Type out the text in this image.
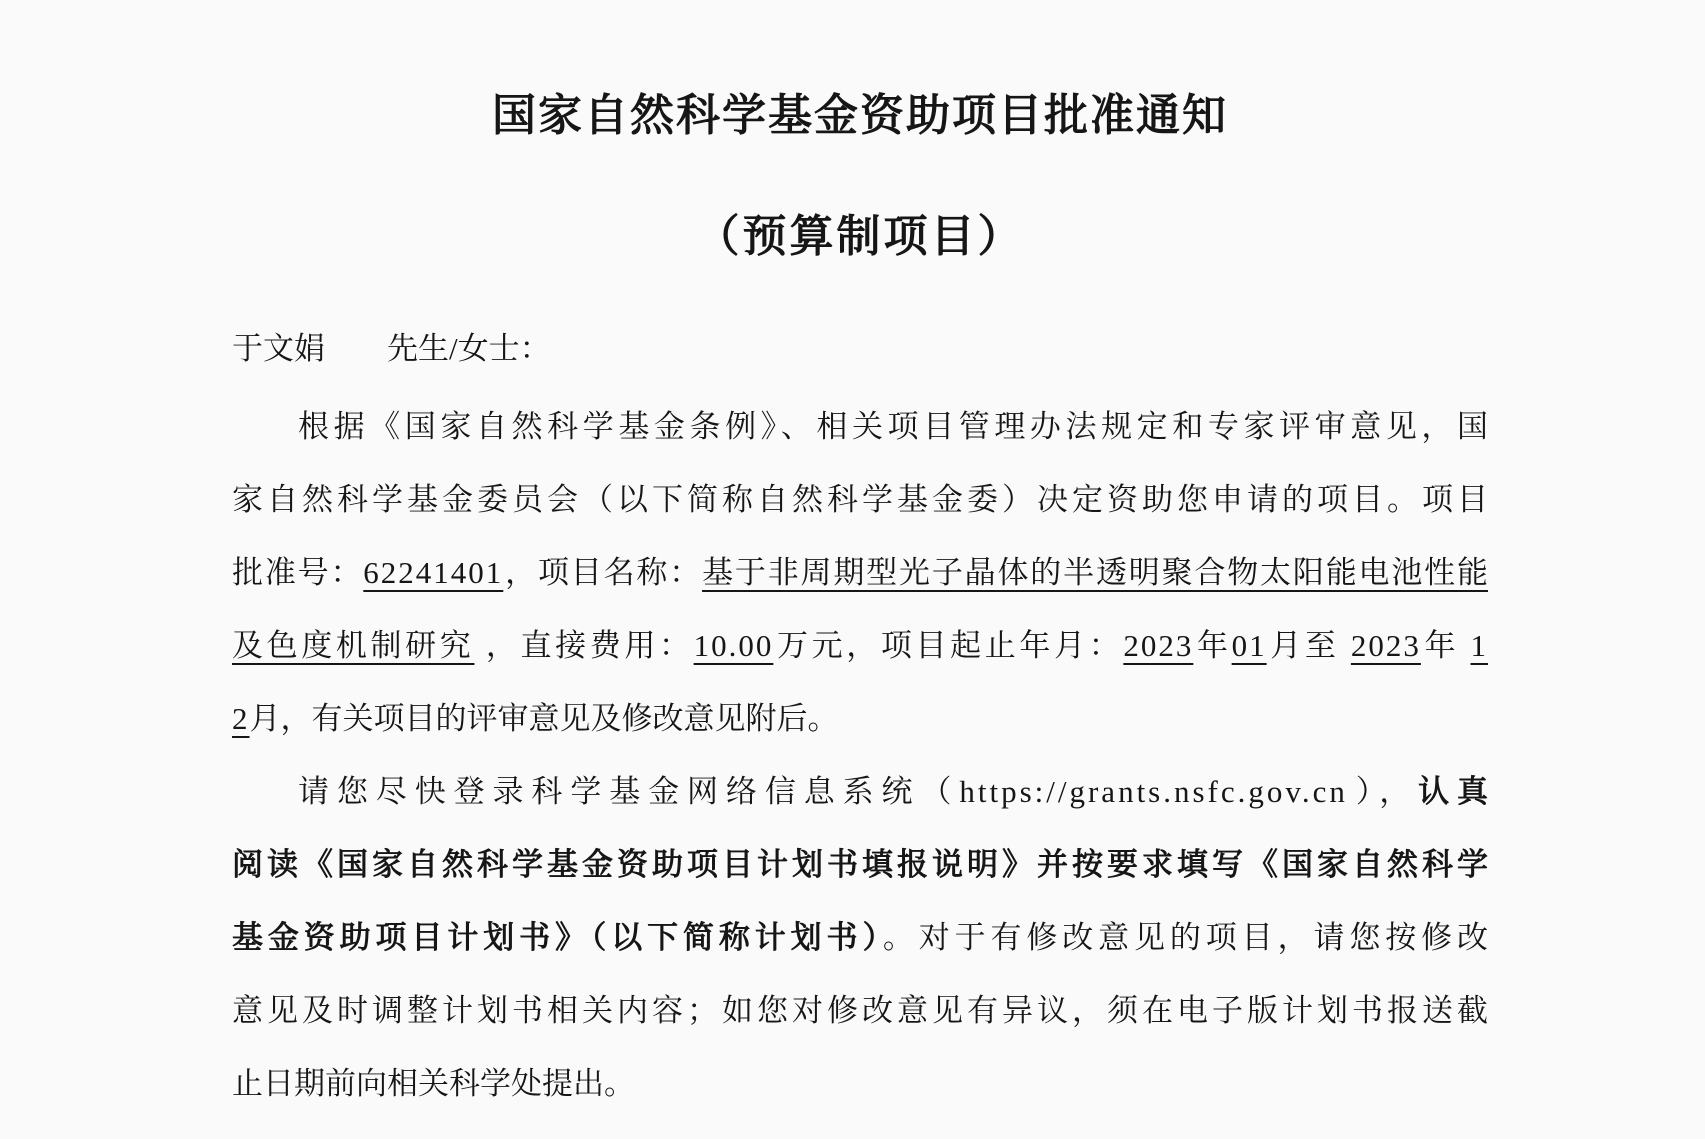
国家自然科学基金资助项目批准通知
（预算制项目）
于文娟 先生/女士：
根据《国家自然科学基金条例》、相关项目管理办法规定和专家评审意见，国
家自然科学基金委员会（以下简称自然科学基金委）决定资助您申请的项目。项目
批准号：62241401，项目名称：基于非周期型光子晶体的半透明聚合物太阳能电池性能
及色度机制研究 ，直接费用：10.00万元，项目起止年月：2023年01月至 2023年 1
2月，有关项目的评审意见及修改意见附后。
请您尽快登录科学基金网络信息系统（https://grants.nsfc.gov.cn），认真
阅读《国家自然科学基金资助项目计划书填报说明》并按要求填写《国家自然科学
基金资助项目计划书》（以下简称计划书）。对于有修改意见的项目，请您按修改
意见及时调整计划书相关内容；如您对修改意见有异议，须在电子版计划书报送截
止日期前向相关科学处提出。
